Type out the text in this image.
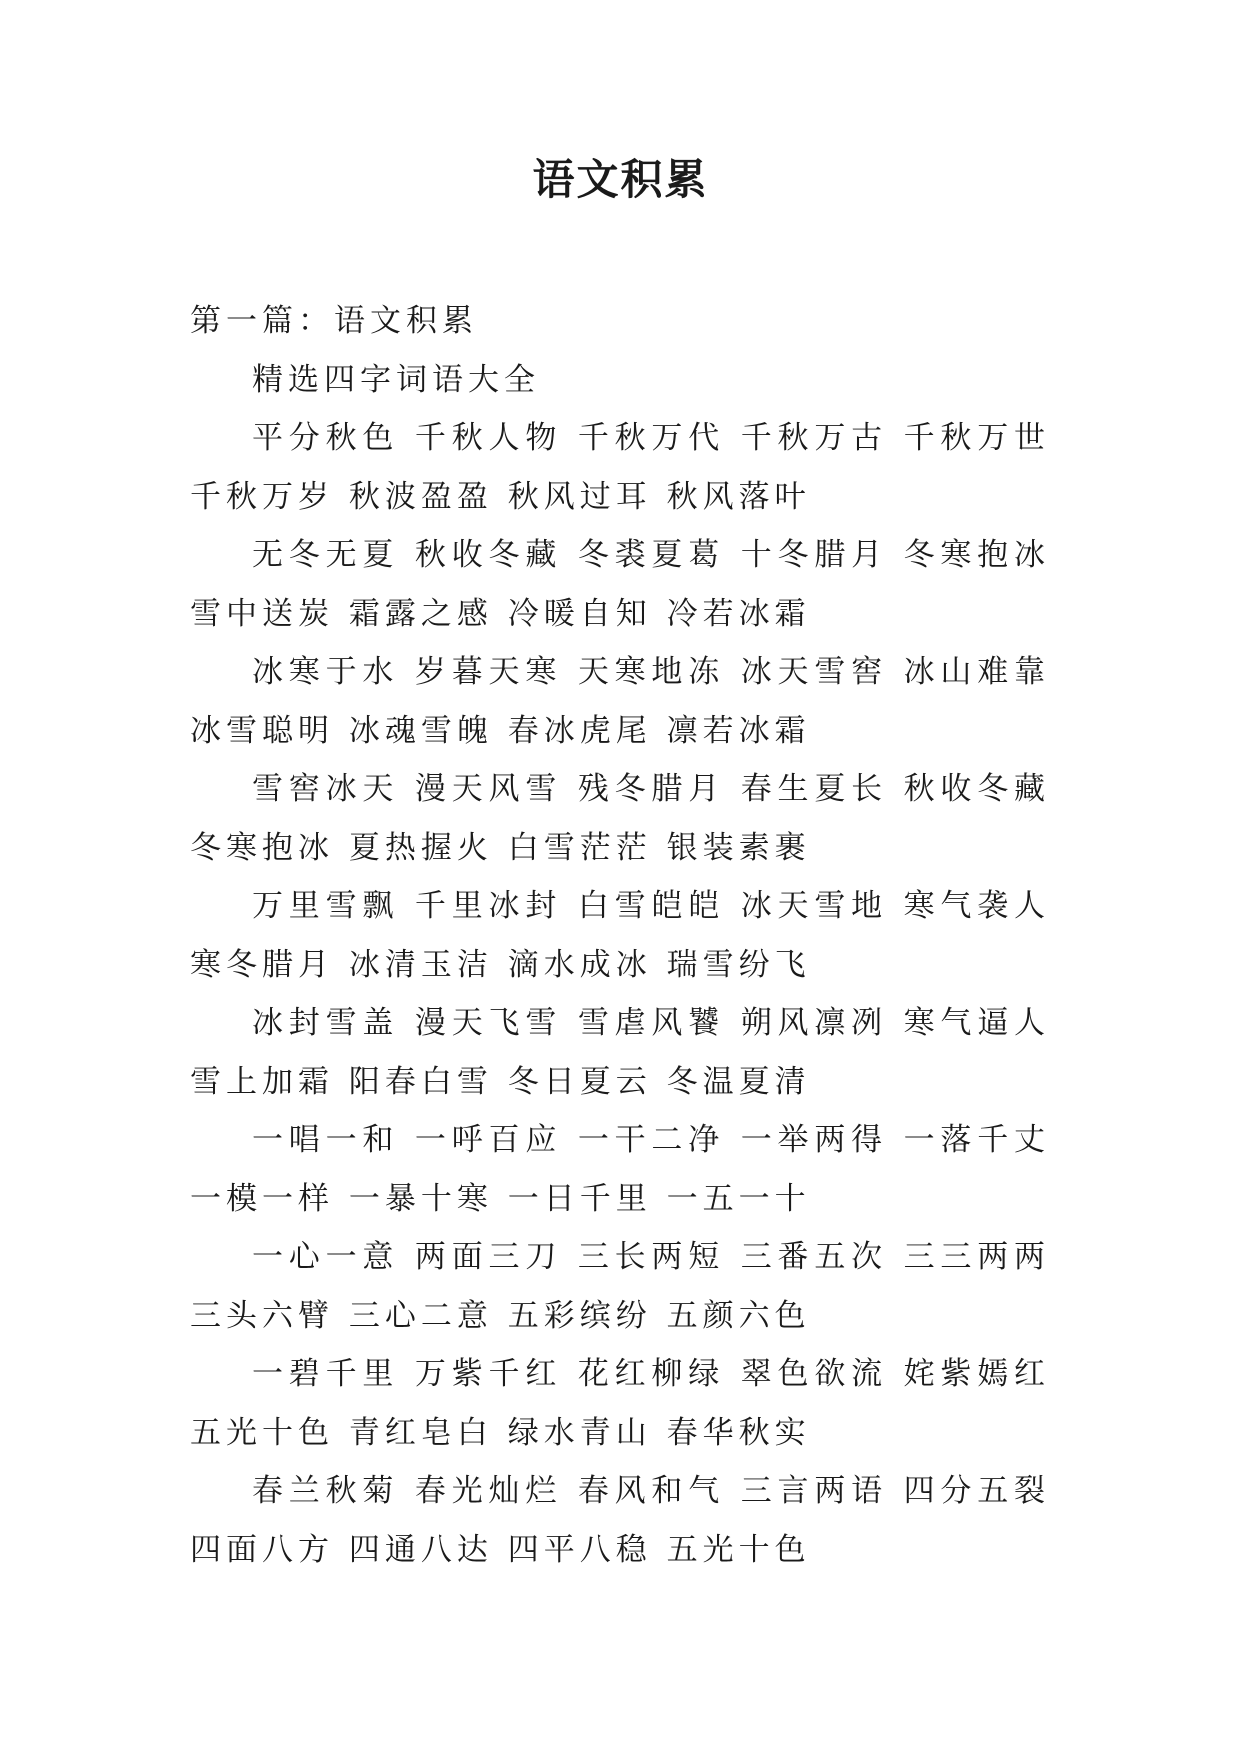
语文积累

第一篇：语文积累

精选四字词语大全

平分秋色 千秋人物 千秋万代 千秋万古 千秋万世 千秋万岁 秋波盈盈 秋风过耳 秋风落叶

无冬无夏 秋收冬藏 冬裘夏葛 十冬腊月 冬寒抱冰 雪中送炭 霜露之感 冷暖自知 冷若冰霜

冰寒于水 岁暮天寒 天寒地冻 冰天雪窖 冰山难靠 冰雪聪明 冰魂雪魄 春冰虎尾 凛若冰霜

雪窖冰天 漫天风雪 残冬腊月 春生夏长 秋收冬藏 冬寒抱冰 夏热握火 白雪茫茫 银装素裹

万里雪飘 千里冰封 白雪皑皑 冰天雪地 寒气袭人 寒冬腊月 冰清玉洁 滴水成冰 瑞雪纷飞

冰封雪盖 漫天飞雪 雪虐风饕 朔风凛冽 寒气逼人 雪上加霜 阳春白雪 冬日夏云 冬温夏清

一唱一和 一呼百应 一干二净 一举两得 一落千丈 一模一样 一暴十寒 一日千里 一五一十

一心一意 两面三刀 三长两短 三番五次 三三两两 三头六臂 三心二意 五彩缤纷 五颜六色

一碧千里 万紫千红 花红柳绿 翠色欲流 姹紫嫣红 五光十色 青红皂白 绿水青山 春华秋实

春兰秋菊 春光灿烂 春风和气 三言两语 四分五裂 四面八方 四通八达 四平八稳 五光十色
